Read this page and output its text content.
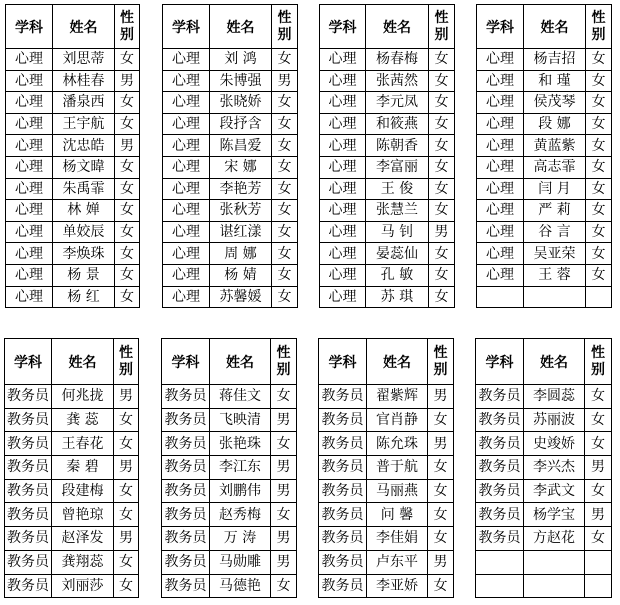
学科	姓名	性
别
心理	刘思蒂	女
心理	林桂春	男
心理	潘泉西	女
心理	王宇航	女
心理	沈忠皓	男
心理	杨文暐	女
心理	朱禹霏	女
心理	林 婵	女
心理	单姣辰	女
心理	李焕珠	女
心理	杨 景	女
心理	杨 红	女
学科	姓名	性
别
心理	刘 鸿	女
心理	朱博强	男
心理	张晓娇	女
心理	段抒含	女
心理	陈昌爱	女
心理	宋 娜	女
心理	李艳芳	女
心理	张秋芳	女
心理	谌红漾	女
心理	周 娜	女
心理	杨 婧	女
心理	苏馨媛	女
学科	姓名	性
别
心理	杨春梅	女
心理	张茜然	女
心理	李元凤	女
心理	和筱燕	女
心理	陈朝香	女
心理	李富丽	女
心理	王 俊	女
心理	张慧兰	女
心理	马 钊	男
心理	晏蕊仙	女
心理	孔 敏	女
心理	苏 琪	女
学科	姓名	性
别
心理	杨吉招	女
心理	和 瑾	女
心理	侯茂琴	女
心理	段 娜	女
心理	黄蓝紫	女
心理	高志霏	女
心理	闫 月	女
心理	严 莉	女
心理	谷 言	女
心理	吴亚荣	女
心理	王 蓉	女

学科	姓名	性
别
教务员	何兆拢	男
教务员	龚 蕊	女
教务员	王春花	女
教务员	秦 碧	男
教务员	段建梅	女
教务员	曾艳琼	女
教务员	赵泽发	男
教务员	龚翔蕊	女
教务员	刘丽莎	女
学科	姓名	性
别
教务员	蒋佳文	女
教务员	飞映清	男
教务员	张艳珠	女
教务员	李江东	男
教务员	刘鹏伟	男
教务员	赵秀梅	女
教务员	万 涛	男
教务员	马勋雕	男
教务员	马德艳	女
学科	姓名	性
别
教务员	翟紫辉	男
教务员	官肖静	女
教务员	陈允珠	男
教务员	普于航	女
教务员	马丽燕	女
教务员	问 馨	女
教务员	李佳娟	女
教务员	卢东平	男
教务员	李亚娇	女
学科	姓名	性
别
教务员	李圆蕊	女
教务员	苏丽波	女
教务员	史竣娇	女
教务员	李兴杰	男
教务员	李武文	女
教务员	杨学宝	男
教务员	方赵花	女
